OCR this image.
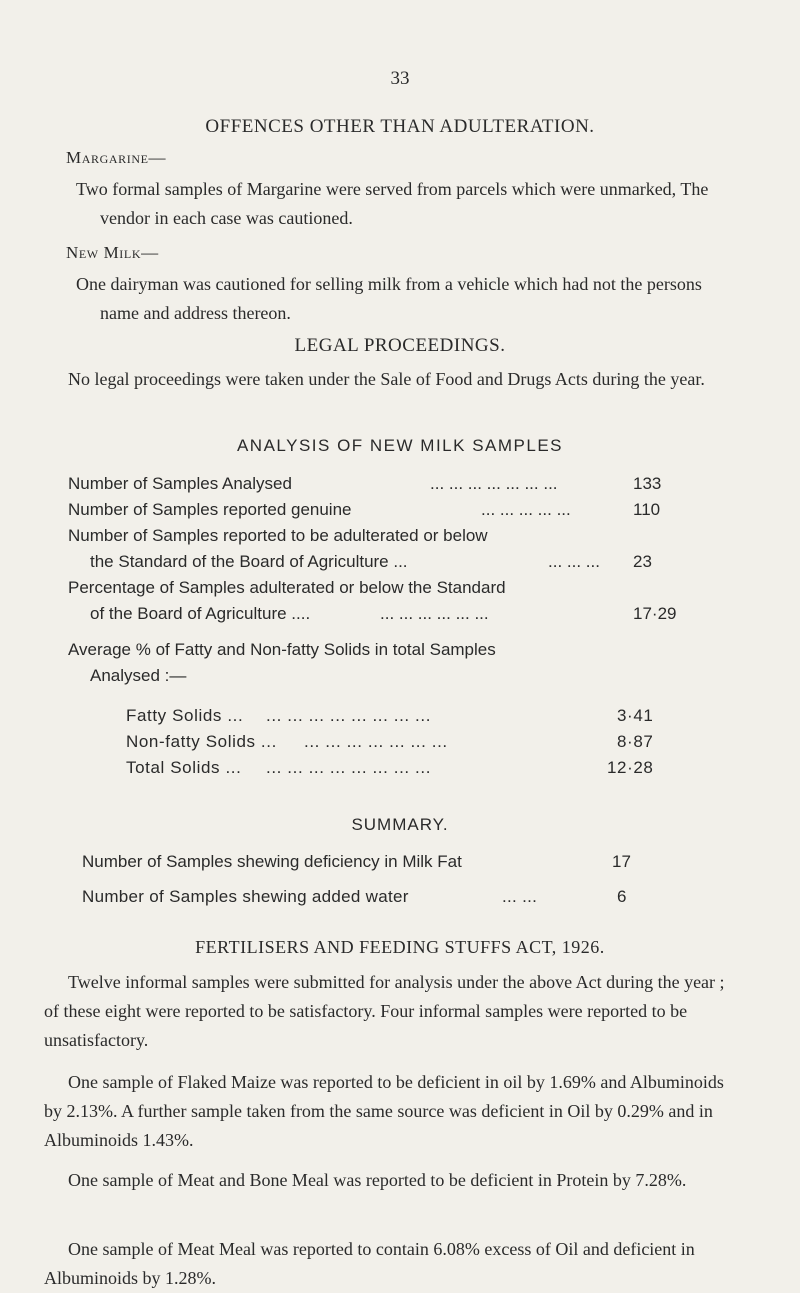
33
OFFENCES OTHER THAN ADULTERATION.
Margarine—
Two formal samples of Margarine were served from parcels which were unmarked, The vendor in each case was cautioned.
New Milk—
One dairyman was cautioned for selling milk from a vehicle which had not the persons name and address thereon.
LEGAL PROCEEDINGS.
No legal proceedings were taken under the Sale of Food and Drugs Acts during the year.
ANALYSIS OF NEW MILK SAMPLES
Number of Samples Analysed	... ... ... ... ... ... ...	133
Number of Samples reported genuine	... ... ... ... ...	110
Number of Samples reported to be adulterated or below
the Standard of the Board of Agriculture ...	... ... ... 23
Percentage of Samples adulterated or below the Standard
of the Board of Agriculture ....	... ... ... ... ... ...	17·29
Average % of Fatty and Non-fatty Solids in total Samples
Analysed :—
Fatty Solids ... ... ... ... ... ... ... ... ...	3·41
Non-fatty Solids ... ... ... ... ... ... ... ...	8·87
Total Solids ... ... ... ... ... ... ... ... ...	12·28
SUMMARY.
Number of Samples shewing deficiency in Milk Fat	17
Number of Samples shewing added water	... ...	6
FERTILISERS AND FEEDING STUFFS ACT, 1926.
Twelve informal samples were submitted for analysis under the above Act during the year ; of these eight were reported to be satisfactory. Four informal samples were reported to be unsatisfactory.
One sample of Flaked Maize was reported to be deficient in oil by 1.69% and Albuminoids by 2.13%. A further sample taken from the same source was deficient in Oil by 0.29% and in Albuminoids 1.43%.
One sample of Meat and Bone Meal was reported to be deficient in Protein by 7.28%.
One sample of Meat Meal was reported to contain 6.08% excess of Oil and deficient in Albuminoids by 1.28%.
